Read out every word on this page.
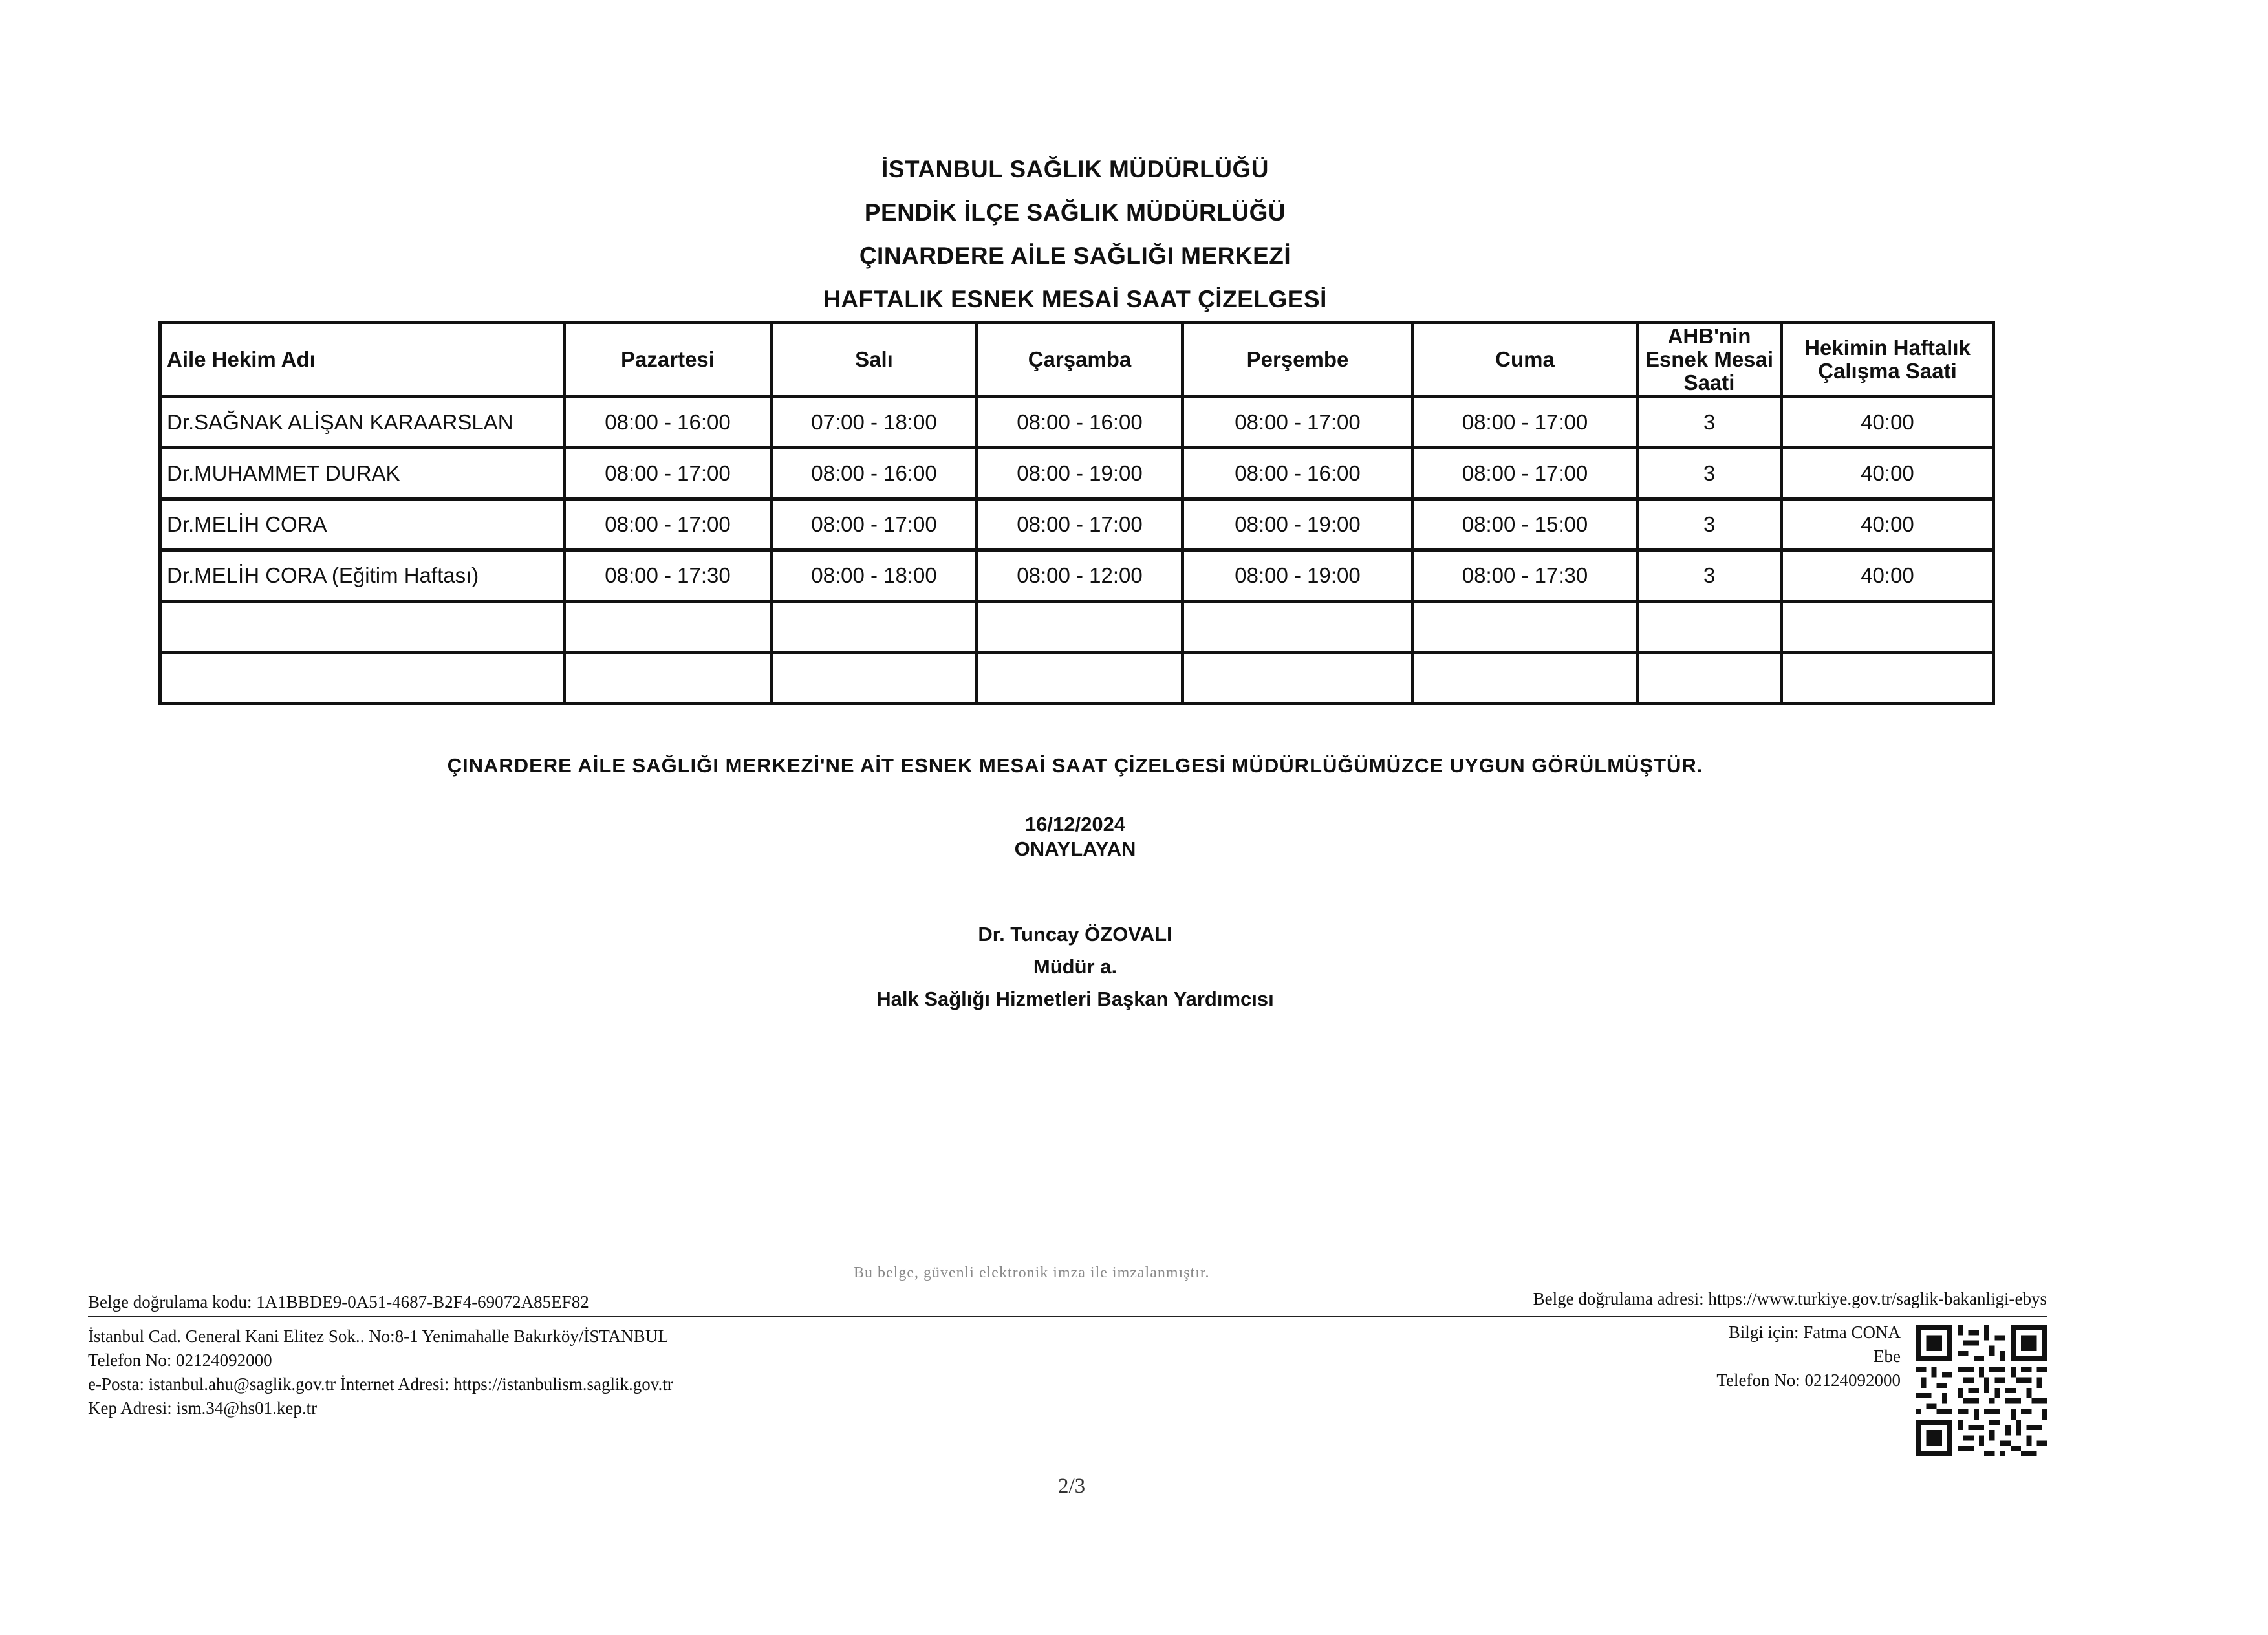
İSTANBUL SAĞLIK MÜDÜRLÜĞÜ
PENDİK İLÇE SAĞLIK MÜDÜRLÜĞÜ
ÇINARDERE AİLE SAĞLIĞI MERKEZİ
HAFTALIK ESNEK MESAİ SAAT ÇİZELGESİ
Aile Hekim Adı	Pazartesi	Salı	Çarşamba	Perşembe	Cuma	AHB'nin Esnek Mesai Saati	Hekimin Haftalık Çalışma Saati
Dr.SAĞNAK ALİŞAN KARAARSLAN	08:00 - 16:00	07:00 - 18:00	08:00 - 16:00	08:00 - 17:00	08:00 - 17:00	3	40:00
Dr.MUHAMMET DURAK	08:00 - 17:00	08:00 - 16:00	08:00 - 19:00	08:00 - 16:00	08:00 - 17:00	3	40:00
Dr.MELİH CORA	08:00 - 17:00	08:00 - 17:00	08:00 - 17:00	08:00 - 19:00	08:00 - 15:00	3	40:00
Dr.MELİH CORA (Eğitim Haftası)	08:00 - 17:30	08:00 - 18:00	08:00 - 12:00	08:00 - 19:00	08:00 - 17:30	3	40:00

ÇINARDERE AİLE SAĞLIĞI MERKEZİ'NE AİT ESNEK MESAİ SAAT ÇİZELGESİ MÜDÜRLÜĞÜMÜZCE UYGUN GÖRÜLMÜŞTÜR.
16/12/2024
ONAYLAYAN
Dr. Tuncay ÖZOVALI
Müdür a.
Halk Sağlığı Hizmetleri Başkan Yardımcısı
Bu belge, güvenli elektronik imza ile imzalanmıştır.
Belge doğrulama kodu: 1A1BBDE9-0A51-4687-B2F4-69072A85EF82	Belge doğrulama adresi: https://www.turkiye.gov.tr/saglik-bakanligi-ebys
İstanbul Cad. General Kani Elitez Sok.. No:8-1 Yenimahalle Bakırköy/İSTANBUL
Telefon No: 02124092000
e-Posta: istanbul.ahu@saglik.gov.tr İnternet Adresi: https://istanbulism.saglik.gov.tr
Kep Adresi: ism.34@hs01.kep.tr
Bilgi için: Fatma CONA
Ebe
Telefon No: 02124092000
2/3
